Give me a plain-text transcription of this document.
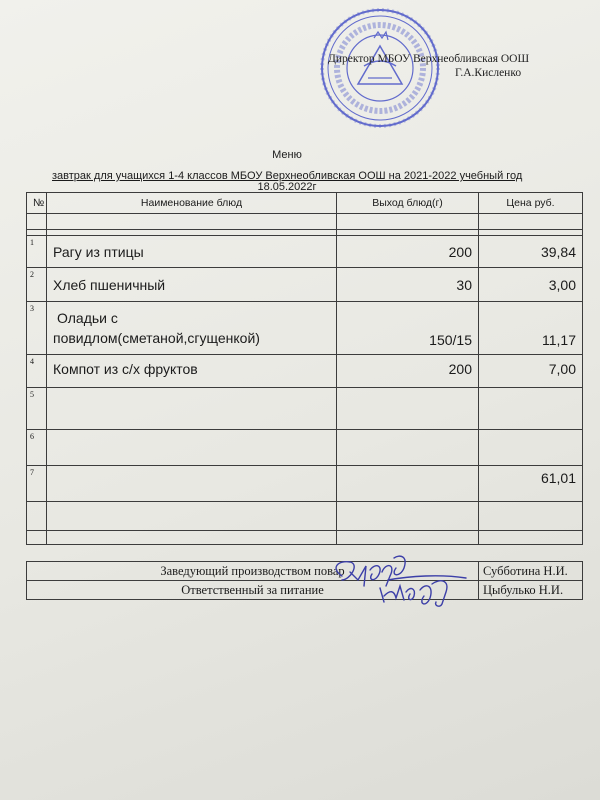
Директор МБОУ Верхнеобливская ООШ
Г.А.Кисленко
Меню
завтрак для учащихся 1-4 классов МБОУ Верхнеобливская ООШ на 2021-2022 учебный год
18.05.2022г
№	Наименование блюд	Выход блюд(г)	Цена руб.

1	Рагу из птицы	200	39,84
2	Хлеб пшеничный	30	3,00
3	Оладьи с
повидлом(сметаной,сгущенкой)	150/15	11,17
4	Компот из с/х фруктов	200	7,00
5			
6			
7			61,01

Заведующий производством повар	Субботина Н.И.
Ответственный за питание	Цыбулько Н.И.
